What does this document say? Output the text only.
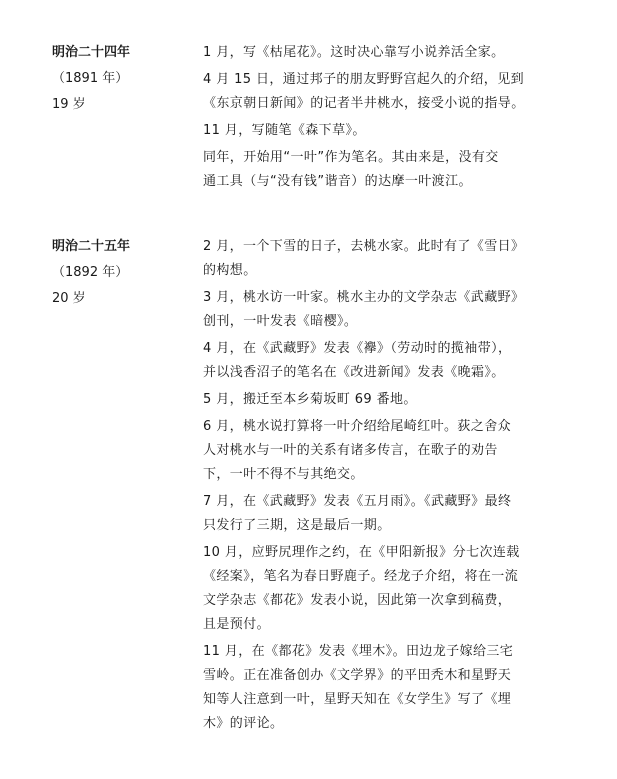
明治二十四年
（1891 年）
19 岁
1 月，写《枯尾花》。这时决心靠写小说养活全家。
4 月 15 日，通过邦子的朋友野野宫起久的介绍，见到
《东京朝日新闻》的记者半井桃水，接受小说的指导。
11 月，写随笔《森下草》。
同年，开始用“一叶”作为笔名。其由来是，没有交
通工具（与“没有钱”谐音）的达摩一叶渡江。
明治二十五年
（1892 年）
20 岁
2 月，一个下雪的日子，去桃水家。此时有了《雪日》
的构想。
3 月，桃水访一叶家。桃水主办的文学杂志《武藏野》
创刊，一叶发表《暗樱》。
4 月，在《武藏野》发表《襷》（劳动时的揽袖带），
并以浅香沼子的笔名在《改进新闻》发表《晚霜》。
5 月，搬迁至本乡菊坂町 69 番地。
6 月，桃水说打算将一叶介绍给尾崎红叶。荻之舍众
人对桃水与一叶的关系有诸多传言，在歌子的劝告
下，一叶不得不与其绝交。
7 月，在《武藏野》发表《五月雨》。《武藏野》最终
只发行了三期，这是最后一期。
10 月，应野尻理作之约，在《甲阳新报》分七次连载
《经案》，笔名为春日野鹿子。经龙子介绍，将在一流
文学杂志《都花》发表小说，因此第一次拿到稿费，
且是预付。
11 月，在《都花》发表《埋木》。田边龙子嫁给三宅
雪岭。正在准备创办《文学界》的平田秃木和星野天
知等人注意到一叶，星野天知在《女学生》写了《埋
木》的评论。
